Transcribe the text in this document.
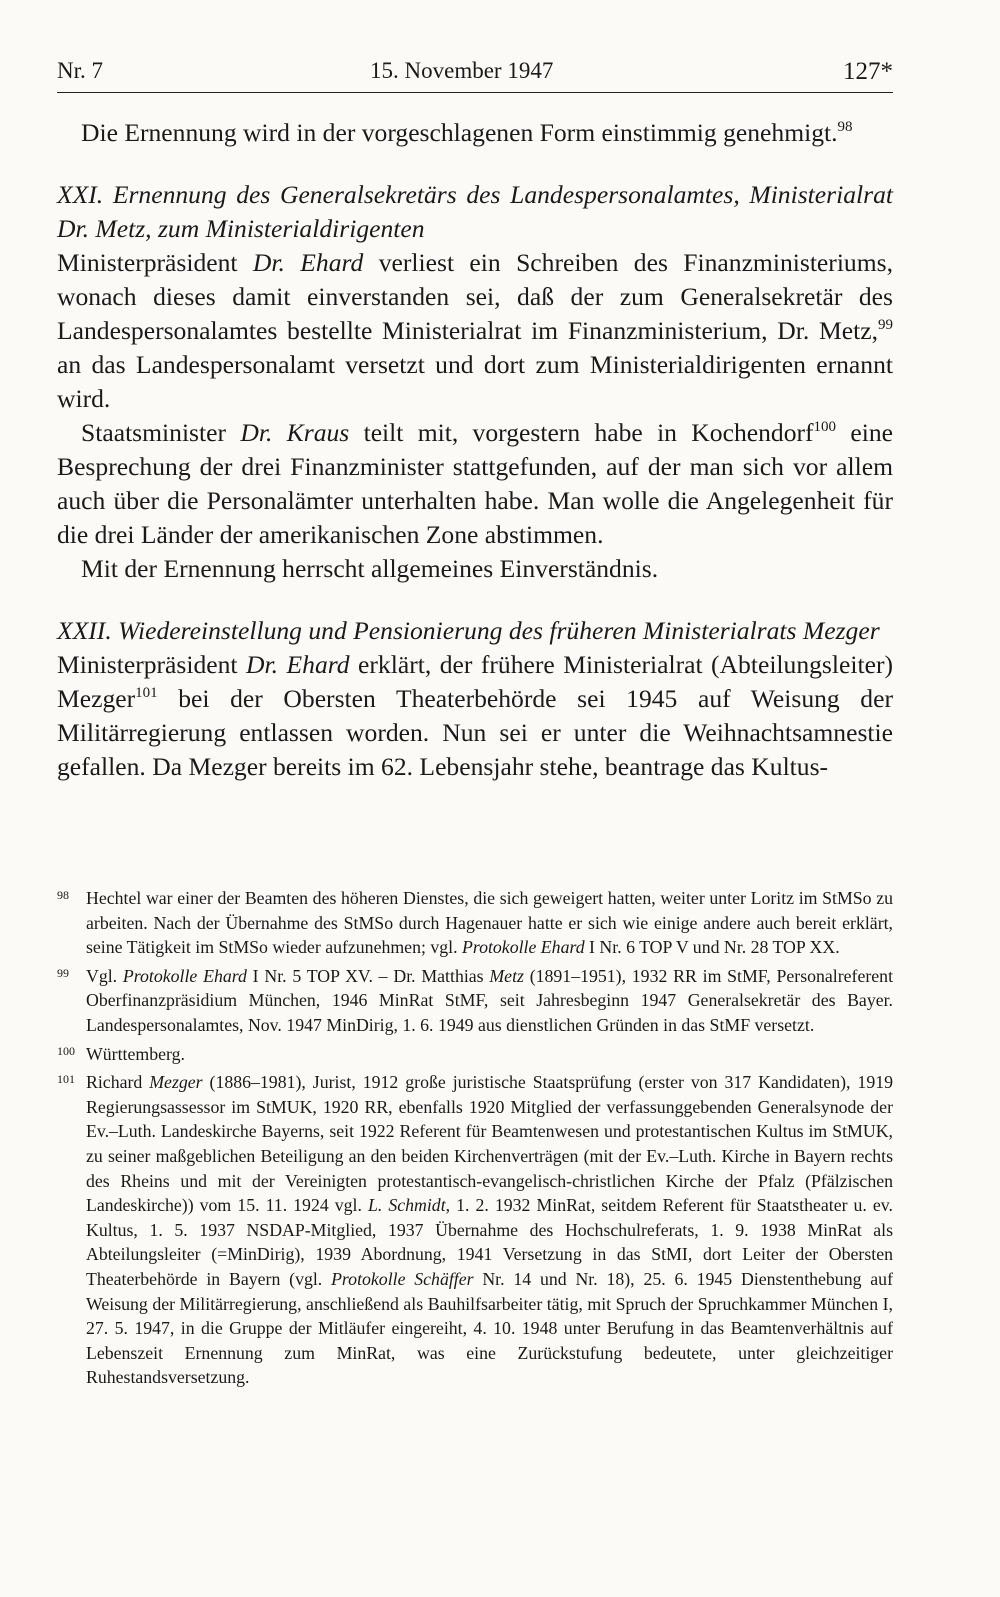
Nr. 7	15. November 1947	127*

Die Ernennung wird in der vorgeschlagenen Form einstimmig genehmigt.$^{98}$

XXI. Ernennung des Generalsekretärs des Landespersonalamtes, Ministerialrat Dr. Metz, zum Ministerialdirigenten

Ministerpräsident Dr. Ehard verliest ein Schreiben des Finanzministeriums, wonach dieses damit einverstanden sei, daß der zum Generalsekretär des Landespersonalamtes bestellte Ministerialrat im Finanzministerium, Dr. Metz,$^{99}$ an das Landespersonalamt versetzt und dort zum Ministerialdirigenten ernannt wird.

Staatsminister Dr. Kraus teilt mit, vorgestern habe in Kochendorf$^{100}$ eine Besprechung der drei Finanzminister stattgefunden, auf der man sich vor allem auch über die Personalämter unterhalten habe. Man wolle die Angelegenheit für die drei Länder der amerikanischen Zone abstimmen.

Mit der Ernennung herrscht allgemeines Einverständnis.

XXII. Wiedereinstellung und Pensionierung des früheren Ministerialrats Mezger

Ministerpräsident Dr. Ehard erklärt, der frühere Ministerialrat (Abteilungsleiter) Mezger$^{101}$ bei der Obersten Theaterbehörde sei 1945 auf Weisung der Militärregierung entlassen worden. Nun sei er unter die Weihnachtsamnestie gefallen. Da Mezger bereits im 62. Lebensjahr stehe, beantrage das Kultus-

98 Hechtel war einer der Beamten des höheren Dienstes, die sich geweigert hatten, weiter unter Loritz im StMSo zu arbeiten. Nach der Übernahme des StMSo durch Hagenauer hatte er sich wie einige andere auch bereit erklärt, seine Tätigkeit im StMSo wieder aufzunehmen; vgl. Protokolle Ehard I Nr. 6 TOP V und Nr. 28 TOP XX.
99 Vgl. Protokolle Ehard I Nr. 5 TOP XV. – Dr. Matthias Metz (1891–1951), 1932 RR im StMF, Personalreferent Oberfinanzpräsidium München, 1946 MinRat StMF, seit Jahresbeginn 1947 Generalsekretär des Bayer. Landespersonalamtes, Nov. 1947 MinDirig, 1. 6. 1949 aus dienstlichen Gründen in das StMF versetzt.
100 Württemberg.
101 Richard Mezger (1886–1981), Jurist, 1912 große juristische Staatsprüfung (erster von 317 Kandidaten), 1919 Regierungsassessor im StMUK, 1920 RR, ebenfalls 1920 Mitglied der verfassunggebenden Generalsynode der Ev.–Luth. Landeskirche Bayerns, seit 1922 Referent für Beamtenwesen und protestantischen Kultus im StMUK, zu seiner maßgeblichen Beteiligung an den beiden Kirchenverträgen (mit der Ev.–Luth. Kirche in Bayern rechts des Rheins und mit der Vereinigten protestantisch-evangelisch-christlichen Kirche der Pfalz (Pfälzischen Landeskirche)) vom 15. 11. 1924 vgl. L. Schmidt, 1. 2. 1932 MinRat, seitdem Referent für Staatstheater u. ev. Kultus, 1. 5. 1937 NSDAP-Mitglied, 1937 Übernahme des Hochschulreferats, 1. 9. 1938 MinRat als Abteilungsleiter (=MinDirig), 1939 Abordnung, 1941 Versetzung in das StMI, dort Leiter der Obersten Theaterbehörde in Bayern (vgl. Protokolle Schäffer Nr. 14 und Nr. 18), 25. 6. 1945 Dienstenthebung auf Weisung der Militärregierung, anschließend als Bauhilfsarbeiter tätig, mit Spruch der Spruchkammer München I, 27. 5. 1947, in die Gruppe der Mitläufer eingereiht, 4. 10. 1948 unter Berufung in das Beamtenverhältnis auf Lebenszeit Ernennung zum MinRat, was eine Zurückstufung bedeutete, unter gleichzeitiger Ruhestandsversetzung.
